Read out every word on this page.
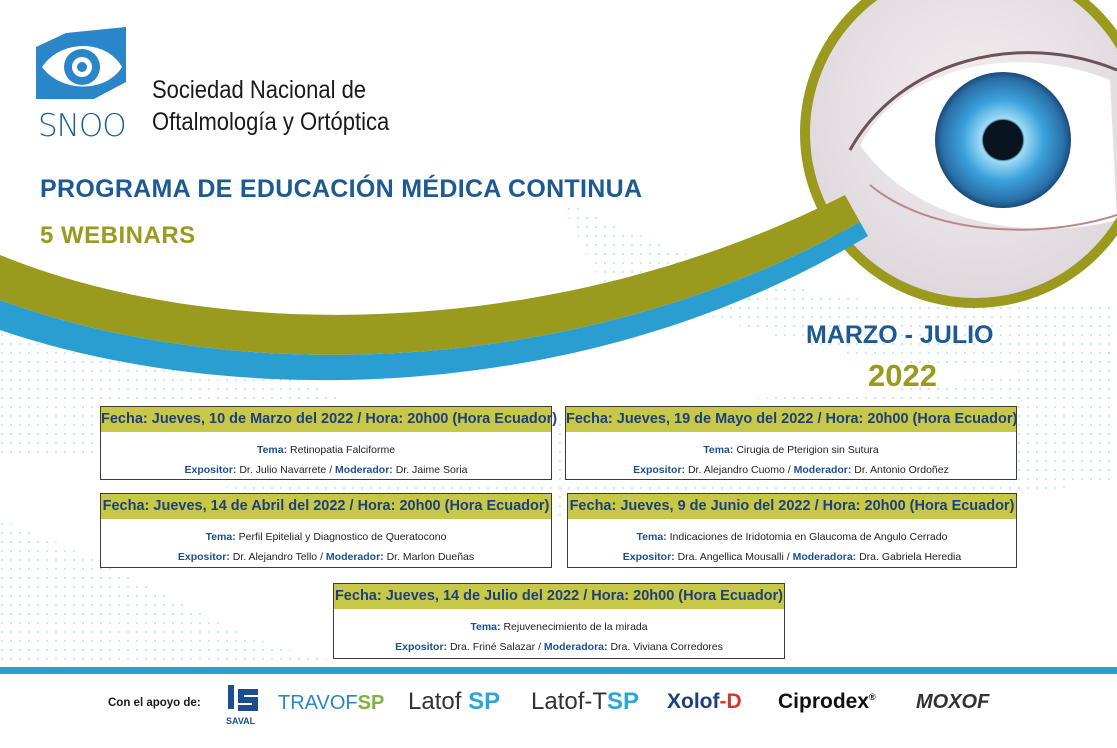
SNOO
Sociedad Nacional de
Oftalmología y Ortóptica
PROGRAMA DE EDUCACIÓN MÉDICA CONTINUA
5 WEBINARS
MARZO - JULIO
2022
Fecha: Jueves, 10 de Marzo del 2022 / Hora: 20h00 (Hora Ecuador)
Tema: Retinopatia Falciforme
Expositor: Dr. Julio Navarrete / Moderador: Dr. Jaime Soria
Fecha: Jueves, 19 de Mayo del 2022 / Hora: 20h00 (Hora Ecuador)
Tema: Cirugia de Pterigion sin Sutura
Expositor: Dr. Alejandro Cuomo / Moderador: Dr. Antonio Ordoñez
Fecha: Jueves, 14 de Abril del 2022 / Hora: 20h00 (Hora Ecuador)
Tema: Perfil Epitelial y Diagnostico de Queratocono
Expositor: Dr. Alejandro Tello / Moderador: Dr. Marlon Dueñas
Fecha: Jueves, 9 de Junio del 2022 / Hora: 20h00 (Hora Ecuador)
Tema: Indicaciones de Iridotomia en Glaucoma de Angulo Cerrado
Expositor: Dra. Angellica Mousalli / Moderadora: Dra. Gabriela Heredia
Fecha: Jueves, 14 de Julio del 2022 / Hora: 20h00 (Hora Ecuador)
Tema: Rejuvenecimiento de la mirada
Expositor: Dra. Friné Salazar / Moderadora: Dra. Viviana Corredores
Con el apoyo de:
SAVAL
TRAVOFSP Latof SP Latof-TSP Xolof-D Ciprodex® MOXOF
